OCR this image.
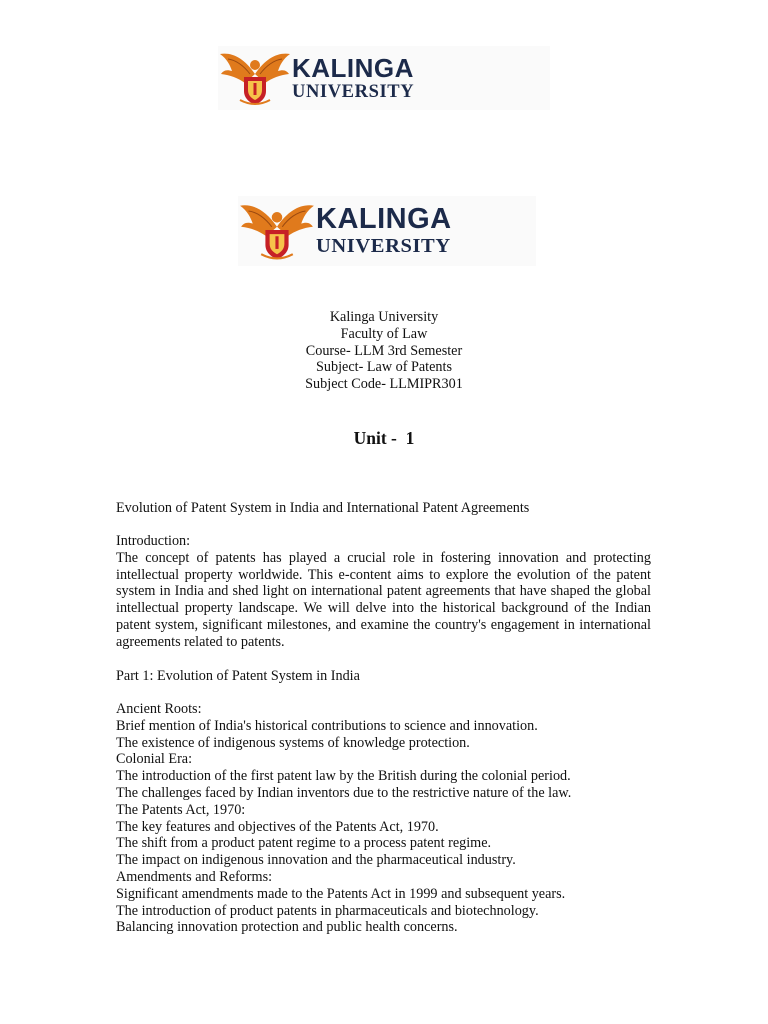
KALINGA
UNIVERSITY
KALINGA
UNIVERSITY
Kalinga University
Faculty of Law
Course- LLM 3rd Semester
Subject- Law of Patents
Subject Code- LLMIPR301
Unit -  1
Evolution of Patent System in India and International Patent Agreements

Introduction:

The concept of patents has played a crucial role in fostering innovation and protecting intellectual property worldwide. This e-content aims to explore the evolution of the patent system in India and shed light on international patent agreements that have shaped the global intellectual property landscape. We will delve into the historical background of the Indian patent system, significant milestones, and examine the country's engagement in international agreements related to patents.

Part 1: Evolution of Patent System in India
Ancient Roots:
Brief mention of India's historical contributions to science and innovation.
The existence of indigenous systems of knowledge protection.
Colonial Era:
The introduction of the first patent law by the British during the colonial period.
The challenges faced by Indian inventors due to the restrictive nature of the law.
The Patents Act, 1970:
The key features and objectives of the Patents Act, 1970.
The shift from a product patent regime to a process patent regime.
The impact on indigenous innovation and the pharmaceutical industry.
Amendments and Reforms:
Significant amendments made to the Patents Act in 1999 and subsequent years.
The introduction of product patents in pharmaceuticals and biotechnology.
Balancing innovation protection and public health concerns.
